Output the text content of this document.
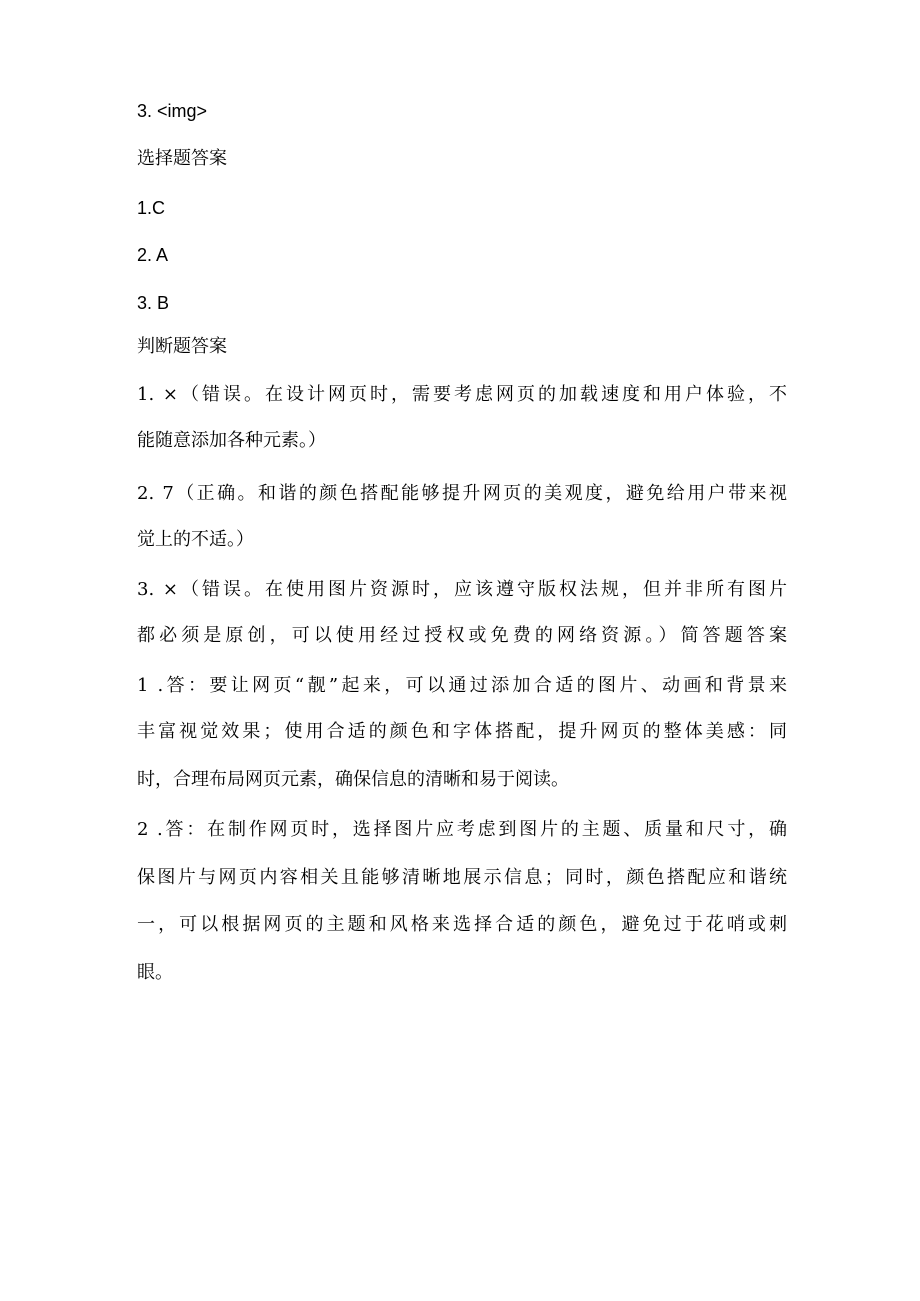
3. <img>
选择题答案
1.C
2. A
3. B
判断题答案
1. ×（错误。在设计网页时，需要考虑网页的加载速度和用户体验，不
能随意添加各种元素。）
2. 7（正确。和谐的颜色搭配能够提升网页的美观度，避免给用户带来视
觉上的不适。）
3. ×（错误。在使用图片资源时，应该遵守版权法规，但并非所有图片
都必须是原创，可以使用经过授权或免费的网络资源。）简答题答案
1 .答：要让网页“靓”起来，可以通过添加合适的图片、动画和背景来
丰富视觉效果；使用合适的颜色和字体搭配，提升网页的整体美感：同
时，合理布局网页元素，确保信息的清晰和易于阅读。
2 .答：在制作网页时，选择图片应考虑到图片的主题、质量和尺寸，确
保图片与网页内容相关且能够清晰地展示信息；同时，颜色搭配应和谐统
一，可以根据网页的主题和风格来选择合适的颜色，避免过于花哨或刺
眼。
